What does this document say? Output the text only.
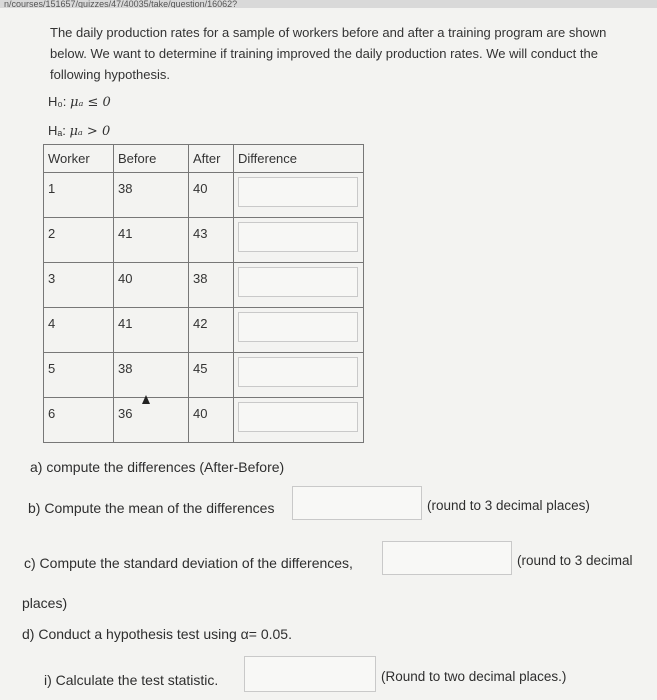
n/courses/151657/quizzes/47/40035/take/question/16062?
The daily production rates for a sample of workers before and after a training program are shown below. We want to determine if training improved the daily production rates. We will conduct the following hypothesis.
H₀: μₐ ≤ 0
Hₐ: μₐ > 0
Worker	Before	After	Difference
1	38	40	

2	41	43	

3	40	38	

4	41	42	

5	38	45	

6	36	40	
a) compute the differences (After-Before)
b) Compute the mean of the differences	(round to 3 decimal places)
c) Compute the standard deviation of the differences,	(round to 3 decimal
places)
d) Conduct a hypothesis test using α= 0.05.
i) Calculate the test statistic.	(Round to two decimal places.)
